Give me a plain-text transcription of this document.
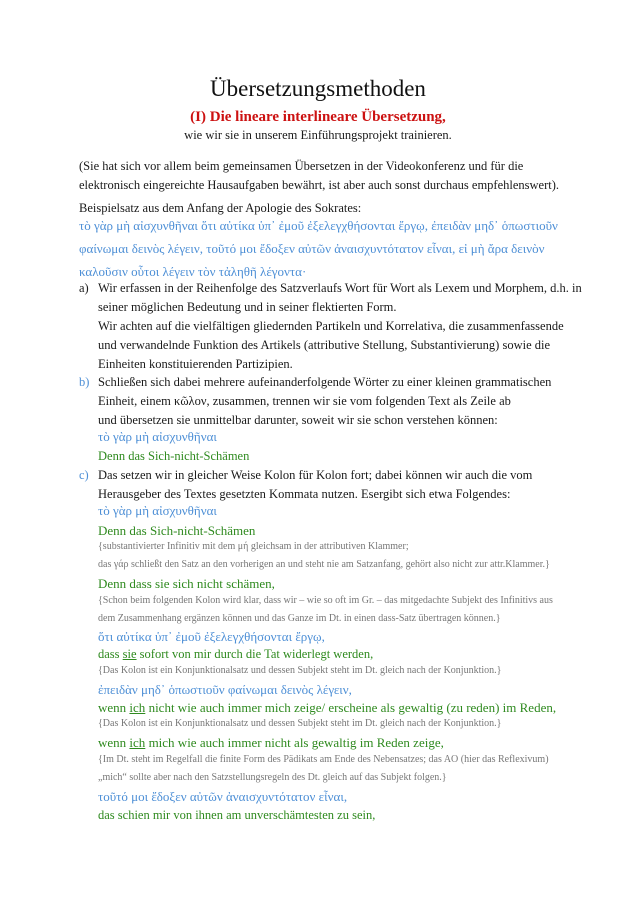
Übersetzungsmethoden
(I) Die lineare interlineare Übersetzung,
wie wir sie in unserem Einführungsprojekt trainieren.
(Sie hat sich vor allem beim gemeinsamen Übersetzen in der Videokonferenz und für die
elektronisch eingereichte Hausaufgaben bewährt, ist aber auch sonst durchaus empfehlenswert).
Beispielsatz aus dem Anfang der Apologie des Sokrates:
τὸ γὰρ μὴ αἰσχυνθῆναι ὅτι αὐτίκα ὑπ᾽ ἐμοῦ ἐξελεγχθήσονται ἔργῳ, ἐπειδὰν μηδ᾽ ὁπωστιοῦν
φαίνωμαι δεινὸς λέγειν, τοῦτό μοι ἔδοξεν αὐτῶν ἀναισχυντότατον εἶναι, εἰ μὴ ἄρα δεινὸν
καλοῦσιν οὗτοι λέγειν τὸν τἀληθῆ λέγοντα·
a) Wir erfassen in der Reihenfolge des Satzverlaufs Wort für Wort als Lexem und Morphem, d.h. in
seiner möglichen Bedeutung und in seiner flektierten Form.
Wir achten auf die vielfältigen gliedernden Partikeln und Korrelativa, die zusammenfassende
und verwandelnde Funktion des Artikels (attributive Stellung, Substantivierung) sowie die
Einheiten konstituierenden Partizipien.
b) Schließen sich dabei mehrere aufeinanderfolgende Wörter zu einer kleinen grammatischen
Einheit, einem κῶλον, zusammen, trennen wir sie vom folgenden Text als Zeile ab
und übersetzen sie unmittelbar darunter, soweit wir sie schon verstehen können:
τὸ γὰρ μὴ αἰσχυνθῆναι
Denn das Sich-nicht-Schämen
c) Das setzen wir in gleicher Weise Kolon für Kolon fort; dabei können wir auch die vom
Herausgeber des Textes gesetzten Kommata nutzen. Esergibt sich etwa Folgendes:
τὸ γὰρ μὴ αἰσχυνθῆναι
Denn das Sich-nicht-Schämen
{substantivierter Infinitiv mit dem μή gleichsam in der attributiven Klammer;
das γάρ schließt den Satz an den vorherigen an und steht nie am Satzanfang, gehört also nicht zur attr.Klammer.}
Denn dass sie sich nicht schämen,
{Schon beim folgenden Kolon wird klar, dass wir – wie so oft im Gr. – das mitgedachte Subjekt des Infinitivs aus
dem Zusammenhang ergänzen können und das Ganze im Dt. in einen dass-Satz übertragen können.}
ὅτι αὐτίκα ὑπ᾽ ἐμοῦ ἐξελεγχθήσονται ἔργῳ,
dass sie sofort von mir durch die Tat widerlegt werden,
{Das Kolon ist ein Konjunktionalsatz und dessen Subjekt steht im Dt. gleich nach der Konjunktion.}
ἐπειδὰν μηδ᾽ ὁπωστιοῦν φαίνωμαι δεινὸς λέγειν,
wenn ich nicht wie auch immer mich zeige/ erscheine als gewaltig (zu reden) im Reden,
{Das Kolon ist ein Konjunktionalsatz und dessen Subjekt steht im Dt. gleich nach der Konjunktion.}
wenn ich mich wie auch immer nicht als gewaltig im Reden zeige,
{Im Dt. steht im Regelfall die finite Form des Pädikats am Ende des Nebensatzes; das AO (hier das Reflexivum)
„mich“ sollte aber nach den Satzstellungsregeln des Dt. gleich auf das Subjekt folgen.}
τοῦτό μοι ἔδοξεν αὐτῶν ἀναισχυντότατον εἶναι,
das schien mir von ihnen am unverschämtesten zu sein,
